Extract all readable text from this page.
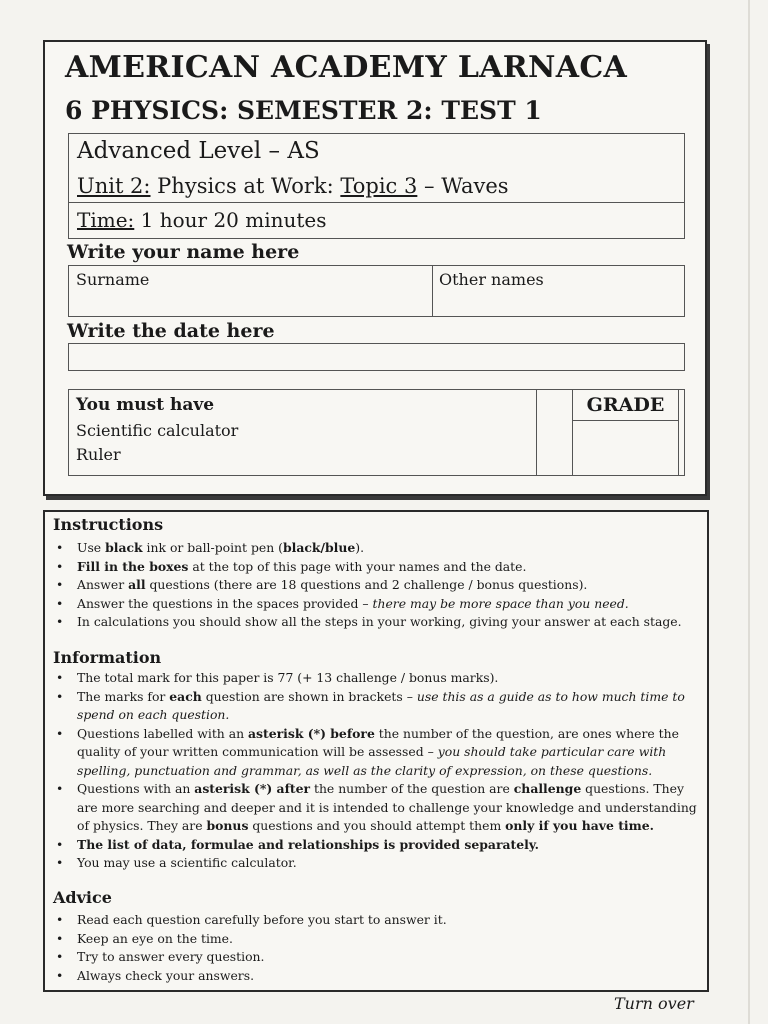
AMERICAN ACADEMY LARNACA
6 PHYSICS: SEMESTER 2: TEST 1
Advanced Level – AS
Unit 2: Physics at Work: Topic 3 – Waves
Time: 1 hour 20 minutes
Write your name here
Surname	Other names
Write the date here
You must have
Scientific calculator
Ruler
GRADE
Instructions
• Use black ink or ball-point pen (black/blue).
• Fill in the boxes at the top of this page with your names and the date.
• Answer all questions (there are 18 questions and 2 challenge / bonus questions).
• Answer the questions in the spaces provided – there may be more space than you need.
• In calculations you should show all the steps in your working, giving your answer at each stage.
Information
• The total mark for this paper is 77 (+ 13 challenge / bonus marks).
• The marks for each question are shown in brackets – use this as a guide as to how much time to spend on each question.
• Questions labelled with an asterisk (*) before the number of the question, are ones where the quality of your written communication will be assessed – you should take particular care with spelling, punctuation and grammar, as well as the clarity of expression, on these questions.
• Questions with an asterisk (*) after the number of the question are challenge questions. They are more searching and deeper and it is intended to challenge your knowledge and understanding of physics. They are bonus questions and you should attempt them only if you have time.
• The list of data, formulae and relationships is provided separately.
• You may use a scientific calculator.
Advice
• Read each question carefully before you start to answer it.
• Keep an eye on the time.
• Try to answer every question.
• Always check your answers.
Turn over
